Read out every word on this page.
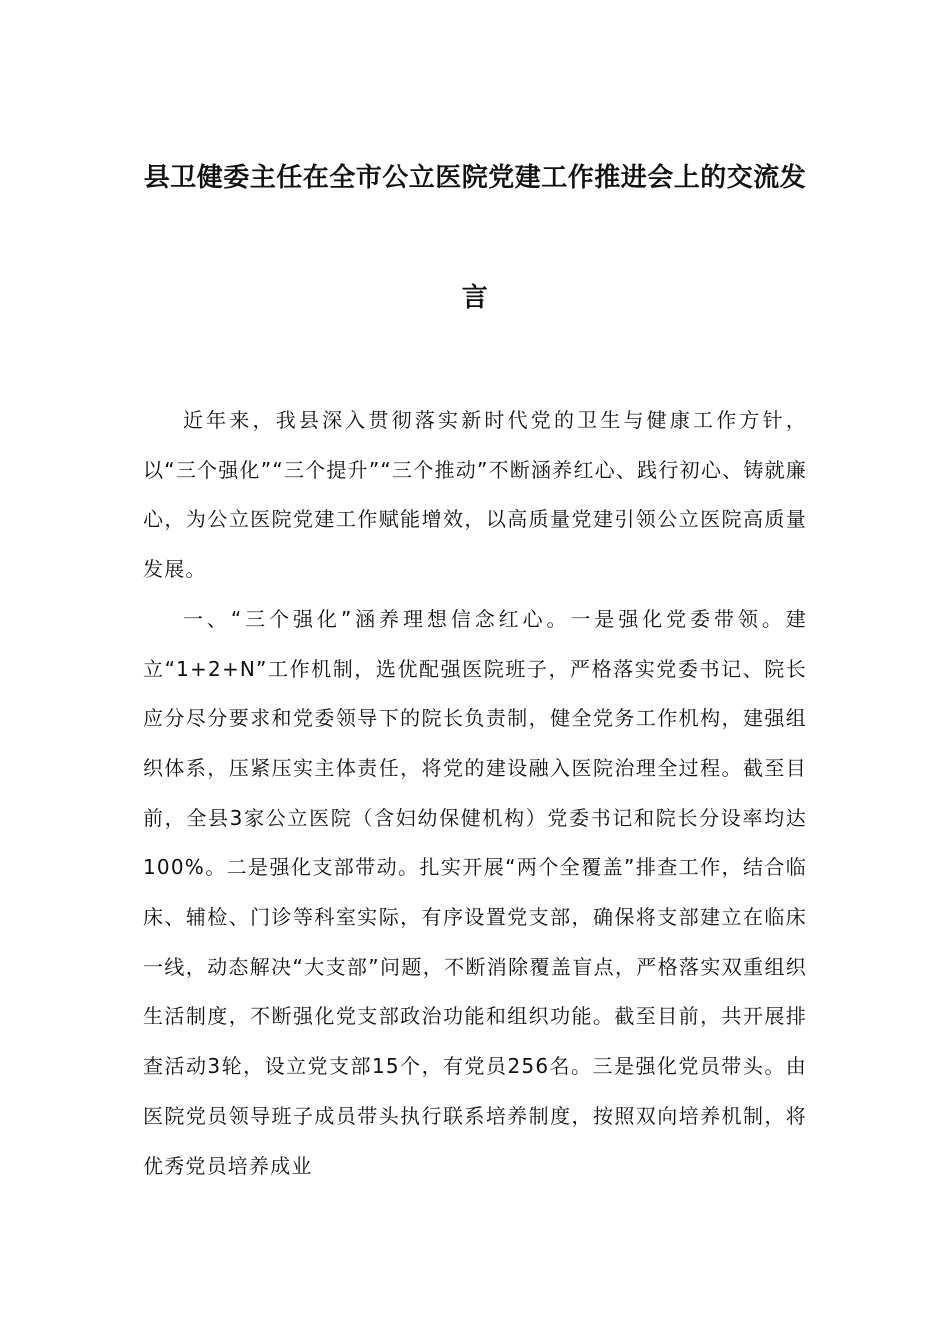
县卫健委主任在全市公立医院党建工作推进会上的交流发
言

近年来，我县深入贯彻落实新时代党的卫生与健康工作方针，以“三个强化”“三个提升”“三个推动”不断涵养红心、践行初心、铸就廉心，为公立医院党建工作赋能增效，以高质量党建引领公立医院高质量发展。

一、“三个强化”涵养理想信念红心。一是强化党委带领。建立“1+2+N”工作机制，选优配强医院班子，严格落实党委书记、院长应分尽分要求和党委领导下的院长负责制，健全党务工作机构，建强组织体系，压紧压实主体责任，将党的建设融入医院治理全过程。截至目前，全县3家公立医院（含妇幼保健机构）党委书记和院长分设率均达100%。二是强化支部带动。扎实开展“两个全覆盖”排查工作，结合临床、辅检、门诊等科室实际，有序设置党支部，确保将支部建立在临床一线，动态解决“大支部”问题，不断消除覆盖盲点，严格落实双重组织生活制度，不断强化党支部政治功能和组织功能。截至目前，共开展排查活动3轮，设立党支部15个，有党员256名。三是强化党员带头。由医院党员领导班子成员带头执行联系培养制度，按照双向培养机制，将优秀党员培养成业
